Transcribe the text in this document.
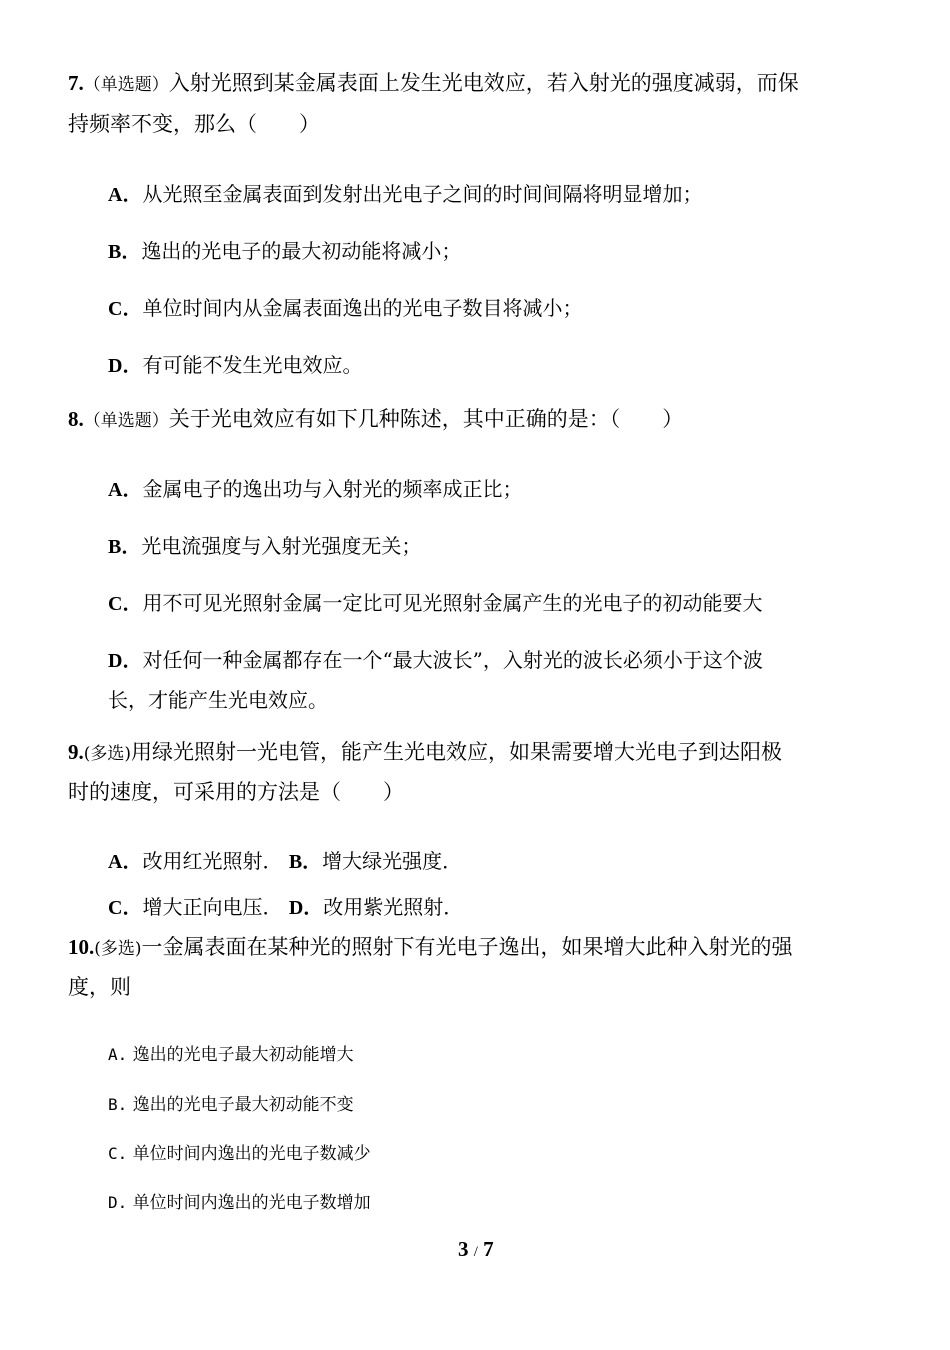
7.（单选题）入射光照到某金属表面上发生光电效应，若入射光的强度减弱，而保
持频率不变，那么（　　）
A．从光照至金属表面到发射出光电子之间的时间间隔将明显增加；
B．逸出的光电子的最大初动能将减小；
C．单位时间内从金属表面逸出的光电子数目将减小；
D．有可能不发生光电效应。
8.（单选题）关于光电效应有如下几种陈述，其中正确的是：（　　）
A．金属电子的逸出功与入射光的频率成正比；
B．光电流强度与入射光强度无关；
C．用不可见光照射金属一定比可见光照射金属产生的光电子的初动能要大
D．对任何一种金属都存在一个“最大波长”，入射光的波长必须小于这个波
长，才能产生光电效应。
9.(多选)用绿光照射一光电管，能产生光电效应，如果需要增大光电子到达阳极
时的速度，可采用的方法是（　　）
A．改用红光照射． B．增大绿光强度．
C．增大正向电压． D．改用紫光照射．
10.(多选)一金属表面在某种光的照射下有光电子逸出，如果增大此种入射光的强
度，则
A. 逸出的光电子最大初动能增大
B. 逸出的光电子最大初动能不变
C. 单位时间内逸出的光电子数减少
D. 单位时间内逸出的光电子数增加
3 / 7
